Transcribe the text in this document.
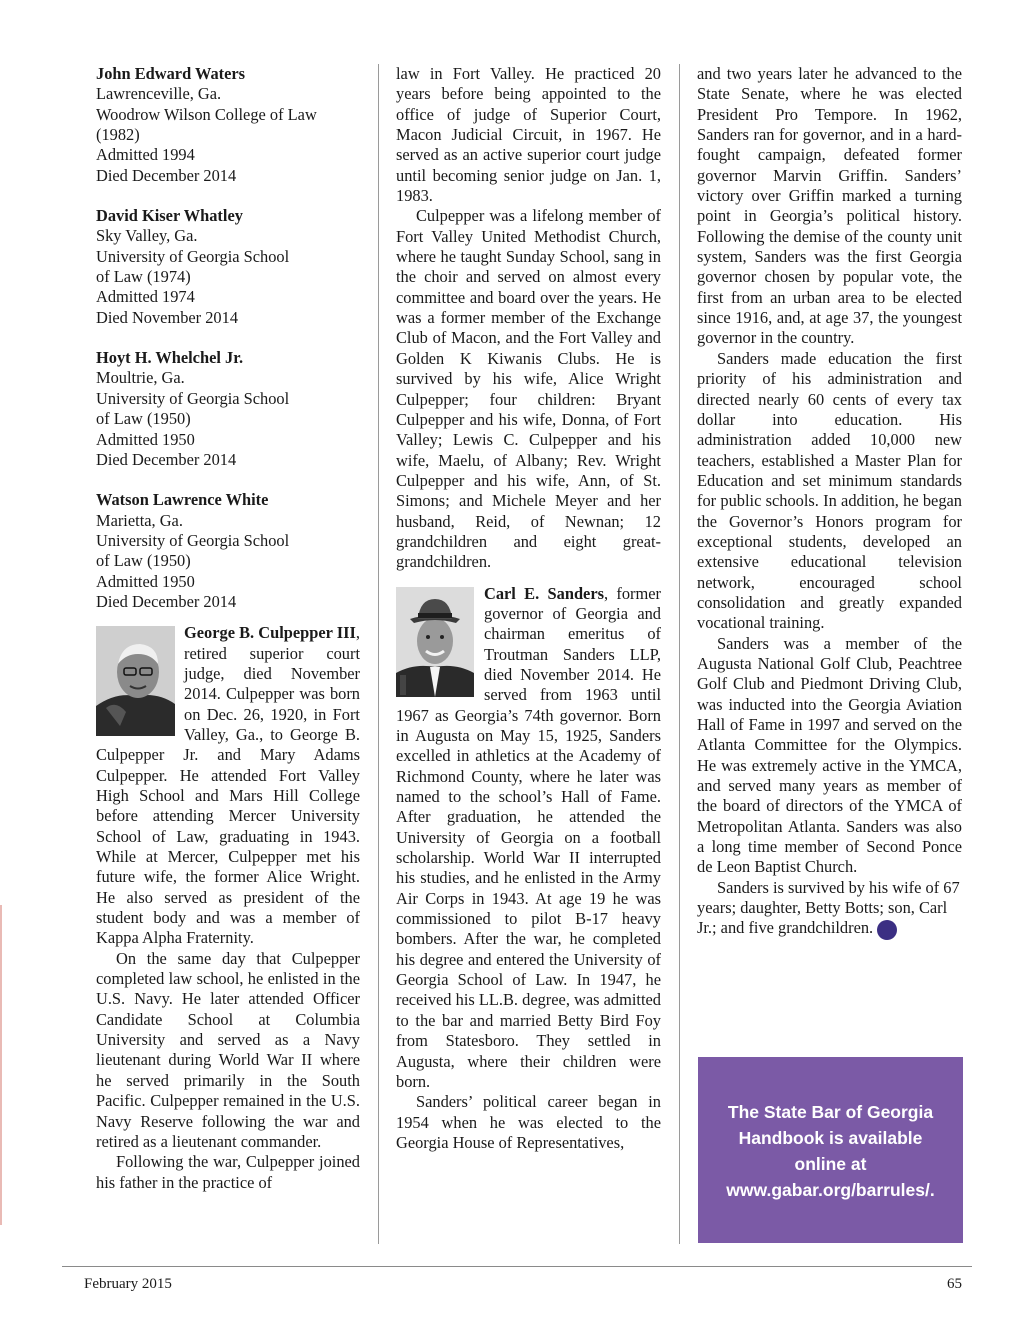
John Edward Waters
Lawrenceville, Ga.
Woodrow Wilson College of Law
(1982)
Admitted 1994
Died December 2014
David Kiser Whatley
Sky Valley, Ga.
University of Georgia School
of Law (1974)
Admitted 1974
Died November 2014
Hoyt H. Whelchel Jr.
Moultrie, Ga.
University of Georgia School
of Law (1950)
Admitted 1950
Died December 2014
Watson Lawrence White
Marietta, Ga.
University of Georgia School
of Law (1950)
Admitted 1950
Died December 2014

George B. Culpepper III, retired superior court judge, died November 2014. Culpepper was born on Dec. 26, 1920, in Fort Valley, Ga., to George B. Culpepper Jr. and Mary Adams Culpepper. He attended Fort Valley High School and Mars Hill College before attending Mercer University School of Law, graduating in 1943. While at Mercer, Culpepper met his future wife, the former Alice Wright. He also served as president of the student body and was a member of Kappa Alpha Fraternity.

On the same day that Culpepper completed law school, he enlisted in the U.S. Navy. He later attended Officer Candidate School at Columbia University and served as a Navy lieutenant during World War II where he served primarily in the South Pacific. Culpepper remained in the U.S. Navy Reserve following the war and retired as a lieutenant commander.

Following the war, Culpepper joined his father in the practice of

law in Fort Valley. He practiced 20 years before being appointed to the office of judge of Superior Court, Macon Judicial Circuit, in 1967. He served as an active superior court judge until becoming senior judge on Jan. 1, 1983.

Culpepper was a lifelong member of Fort Valley United Methodist Church, where he taught Sunday School, sang in the choir and served on almost every committee and board over the years. He was a former member of the Exchange Club of Macon, and the Fort Valley and Golden K Kiwanis Clubs. He is survived by his wife, Alice Wright Culpepper; four children: Bryant Culpepper and his wife, Donna, of Fort Valley; Lewis C. Culpepper and his wife, Maelu, of Albany; Rev. Wright Culpepper and his wife, Ann, of St. Simons; and Michele Meyer and her husband, Reid, of Newnan; 12 grandchildren and eight great-grandchildren.

Carl E. Sanders, former governor of Georgia and chairman emeritus of Troutman Sanders LLP, died November 2014. He served from 1963 until 1967 as Georgia’s 74th governor. Born in Augusta on May 15, 1925, Sanders excelled in athletics at the Academy of Richmond County, where he later was named to the school’s Hall of Fame. After graduation, he attended the University of Georgia on a football scholarship. World War II interrupted his studies, and he enlisted in the Army Air Corps in 1943. At age 19 he was commissioned to pilot B-17 heavy bombers. After the war, he completed his degree and entered the University of Georgia School of Law. In 1947, he received his LL.B. degree, was admitted to the bar and married Betty Bird Foy from Statesboro. They settled in Augusta, where their children were born.

Sanders’ political career began in 1954 when he was elected to the Georgia House of Representatives,

and two years later he advanced to the State Senate, where he was elected President Pro Tempore. In 1962, Sanders ran for governor, and in a hard-fought campaign, defeated former governor Marvin Griffin. Sanders’ victory over Griffin marked a turning point in Georgia’s political history. Following the demise of the county unit system, Sanders was the first Georgia governor chosen by popular vote, the first from an urban area to be elected since 1916, and, at age 37, the youngest governor in the country.

Sanders made education the first priority of his administration and directed nearly 60 cents of every tax dollar into education. His administration added 10,000 new teachers, established a Master Plan for Education and set minimum standards for public schools. In addition, he began the Governor’s Honors program for exceptional students, developed an extensive educational television network, encouraged school consolidation and greatly expanded vocational training.

Sanders was a member of the Augusta National Golf Club, Peachtree Golf Club and Piedmont Driving Club, was inducted into the Georgia Aviation Hall of Fame in 1997 and served on the Atlanta Committee for the Olympics. He was extremely active in the YMCA, and served many years as member of the board of directors of the YMCA of Metropolitan Atlanta. Sanders was also a long time member of Second Ponce de Leon Baptist Church.

Sanders is survived by his wife of 67 years; daughter, Betty Botts; son, Carl Jr.; and five grandchildren.	GBJ

The State Bar of Georgia Handbook is available online at www.gabar.org/barrules/.
February 2015	65
